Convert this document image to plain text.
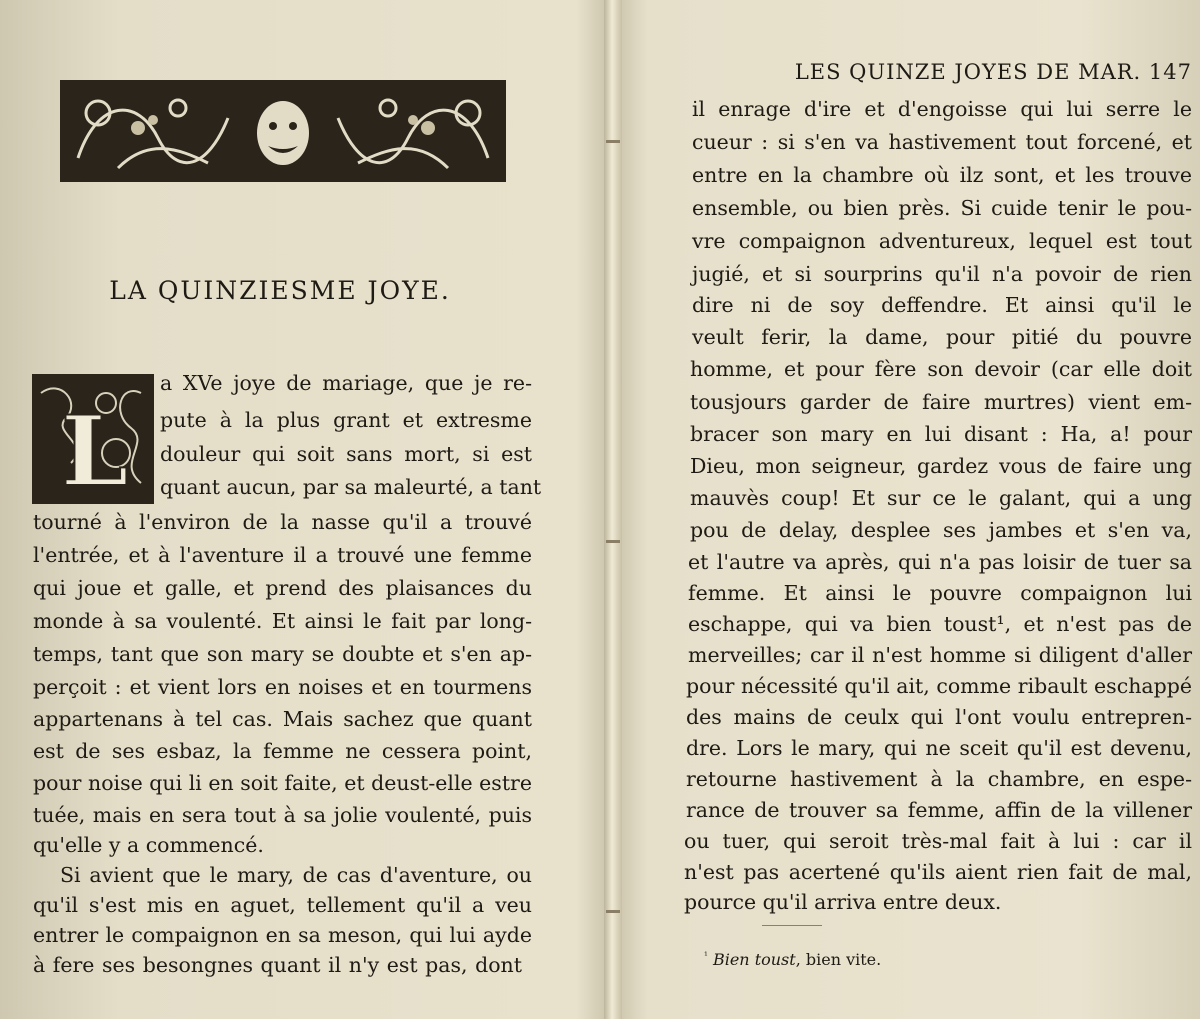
LA QUINZIESME JOYE.
L
a XVe joye de mariage, que je re-
pute à la plus grant et extresme
douleur qui soit sans mort, si est
quant aucun, par sa maleurté, a tant
tourné à l'environ de la nasse qu'il a trouvé
l'entrée, et à l'aventure il a trouvé une femme
qui joue et galle, et prend des plaisances du
monde à sa voulenté. Et ainsi le fait par long-
temps, tant que son mary se doubte et s'en ap-
perçoit : et vient lors en noises et en tourmens
appartenans à tel cas. Mais sachez que quant
est de ses esbaz, la femme ne cessera point,
pour noise qui li en soit faite, et deust-elle estre
tuée, mais en sera tout à sa jolie voulenté, puis
qu'elle y a commencé.
Si avient que le mary, de cas d'aventure, ou
qu'il s'est mis en aguet, tellement qu'il a veu
entrer le compaignon en sa meson, qui lui ayde
à fere ses besongnes quant il n'y est pas, dont
LES QUINZE JOYES DE MAR. 147
il enrage d'ire et d'engoisse qui lui serre le
cueur : si s'en va hastivement tout forcené, et
entre en la chambre où ilz sont, et les trouve
ensemble, ou bien près. Si cuide tenir le pou-
vre compaignon adventureux, lequel est tout
jugié, et si sourprins qu'il n'a povoir de rien
dire ni de soy deffendre. Et ainsi qu'il le
veult ferir, la dame, pour pitié du pouvre
homme, et pour fère son devoir (car elle doit
tousjours garder de faire murtres) vient em-
bracer son mary en lui disant : Ha, a! pour
Dieu, mon seigneur, gardez vous de faire ung
mauvès coup! Et sur ce le galant, qui a ung
pou de delay, desplee ses jambes et s'en va,
et l'autre va après, qui n'a pas loisir de tuer sa
femme. Et ainsi le pouvre compaignon lui
eschappe, qui va bien toust¹, et n'est pas de
merveilles; car il n'est homme si diligent d'aller
pour nécessité qu'il ait, comme ribault eschappé
des mains de ceulx qui l'ont voulu entrepren-
dre. Lors le mary, qui ne sceit qu'il est devenu,
retourne hastivement à la chambre, en espe-
rance de trouver sa femme, affin de la villener
ou tuer, qui seroit très-mal fait à lui : car il
n'est pas acertené qu'ils aient rien fait de mal,
pource qu'il arriva entre deux.
$^{^1}$ Bien toust, bien vite.
